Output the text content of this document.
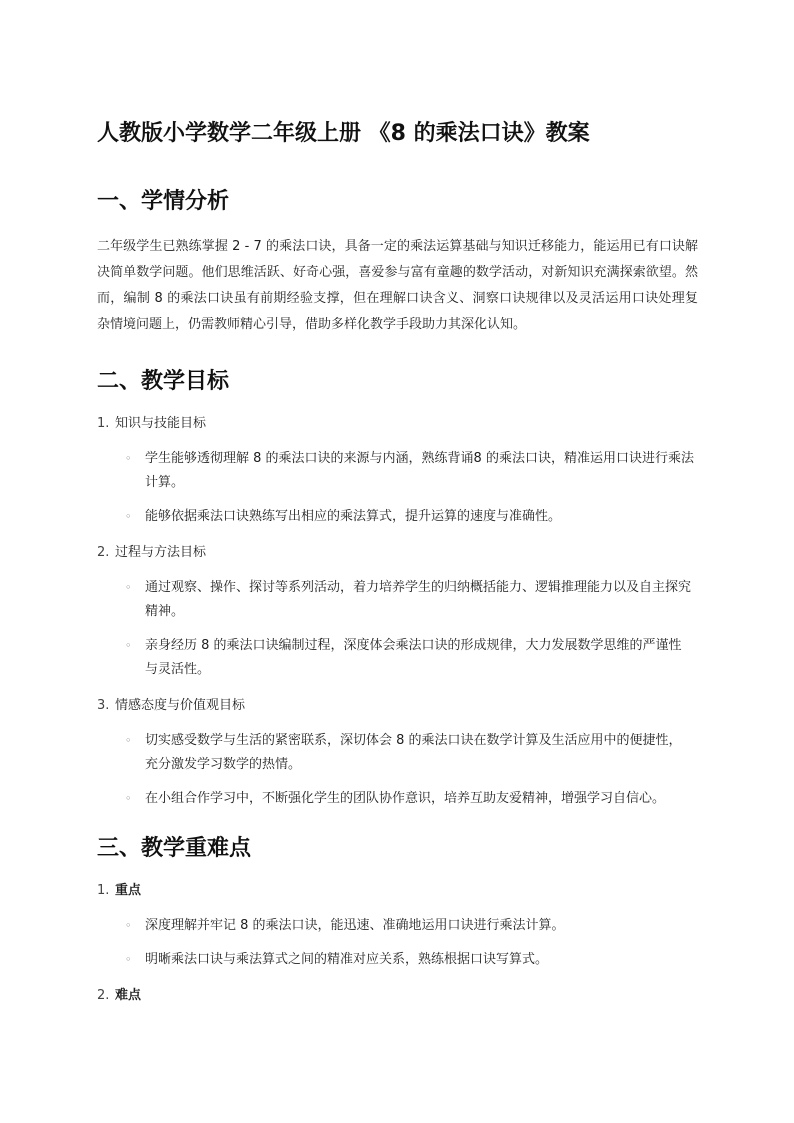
人教版小学数学二年级上册 《8 的乘法口诀》教案
一、学情分析

二年级学生已熟练掌握 2 - 7 的乘法口诀，具备一定的乘法运算基础与知识迁移能力，能运用已有口诀解决简单数学问题。他们思维活跃、好奇心强，喜爱参与富有童趣的数学活动，对新知识充满探索欲望。然而，编制 8 的乘法口诀虽有前期经验支撑，但在理解口诀含义、洞察口诀规律以及灵活运用口诀处理复杂情境问题上，仍需教师精心引导，借助多样化教学手段助力其深化认知。

二、教学目标
1. 知识与技能目标
◦	学生能够透彻理解 8 的乘法口诀的来源与内涵，熟练背诵8 的乘法口诀，精准运用口诀进行乘法计算。
◦	能够依据乘法口诀熟练写出相应的乘法算式，提升运算的速度与准确性。
2. 过程与方法目标
◦	通过观察、操作、探讨等系列活动，着力培养学生的归纳概括能力、逻辑推理能力以及自主探究精神。
◦	亲身经历 8 的乘法口诀编制过程，深度体会乘法口诀的形成规律，大力发展数学思维的严谨性与灵活性。
3. 情感态度与价值观目标
◦	切实感受数学与生活的紧密联系，深切体会 8 的乘法口诀在数学计算及生活应用中的便捷性，充分激发学习数学的热情。
◦	在小组合作学习中，不断强化学生的团队协作意识，培养互助友爱精神，增强学习自信心。
三、教学重难点
1. 重点
◦	深度理解并牢记 8 的乘法口诀，能迅速、准确地运用口诀进行乘法计算。
◦	明晰乘法口诀与乘法算式之间的精准对应关系，熟练根据口诀写算式。
2. 难点
